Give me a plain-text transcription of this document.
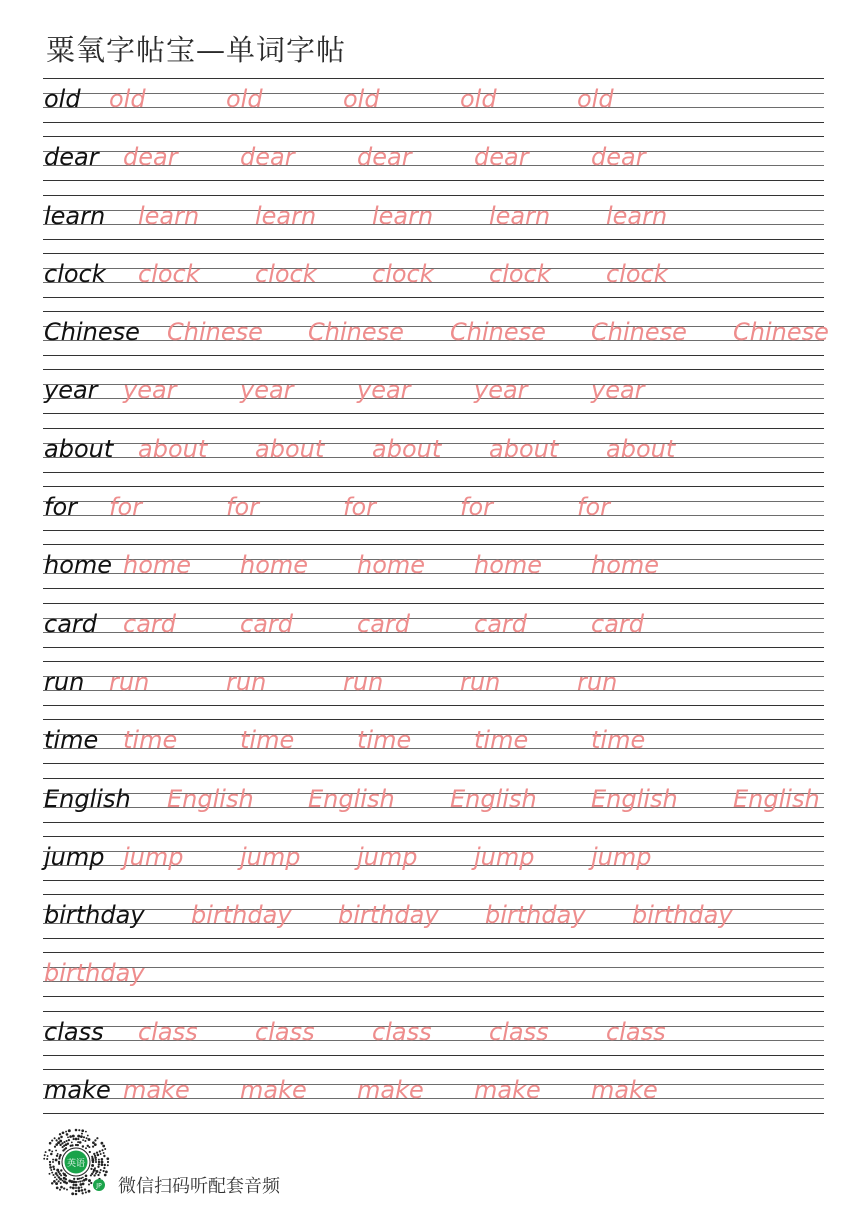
粟氧字帖宝—单词字帖
old old	old	old	old	old
dear dear	dear	dear	dear	dear
learn learn learn learn learn learn
clock clock clock clock clock clock
Chinese Chinese Chinese Chinese Chinese Chinese
year year	year	year	year	year
about about about about about about
for for	for	for	for	for
home home home home home home
card card	card	card	card	card
run run	run	run	run	run
time time	time	time	time	time
English English English English English English
jump jump jump jump jump jump
birthday birthday birthday birthday birthday
birthday
class class class class class class
make make make make make make
英语
JP 微信扫码听配套音频
